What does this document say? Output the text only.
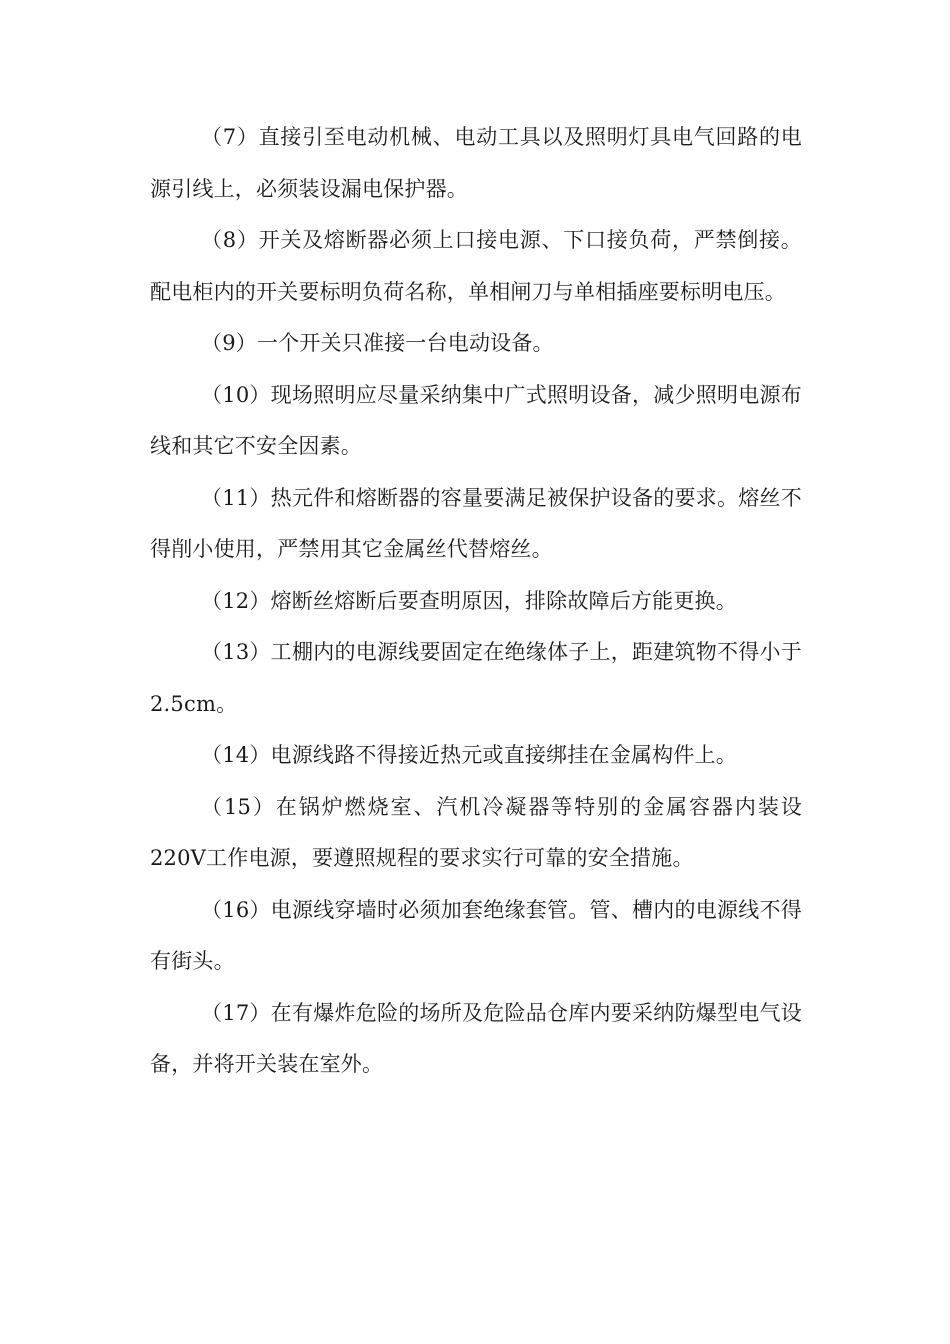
（7）直接引至电动机械、电动工具以及照明灯具电气回路的电源引线上，必须装设漏电保护器。

（8）开关及熔断器必须上口接电源、下口接负荷，严禁倒接。配电柜内的开关要标明负荷名称，单相闸刀与单相插座要标明电压。

（9）一个开关只准接一台电动设备。

（10）现场照明应尽量采纳集中广式照明设备，减少照明电源布线和其它不安全因素。

（11）热元件和熔断器的容量要满足被保护设备的要求。熔丝不得削小使用，严禁用其它金属丝代替熔丝。

（12）熔断丝熔断后要查明原因，排除故障后方能更换。

（13）工棚内的电源线要固定在绝缘体子上，距建筑物不得小于2.5cm。

（14）电源线路不得接近热元或直接绑挂在金属构件上。

（15）在锅炉燃烧室、汽机冷凝器等特别的金属容器内装设220V工作电源，要遵照规程的要求实行可靠的安全措施。

（16）电源线穿墙时必须加套绝缘套管。管、槽内的电源线不得有街头。

（17）在有爆炸危险的场所及危险品仓库内要采纳防爆型电气设备，并将开关装在室外。
